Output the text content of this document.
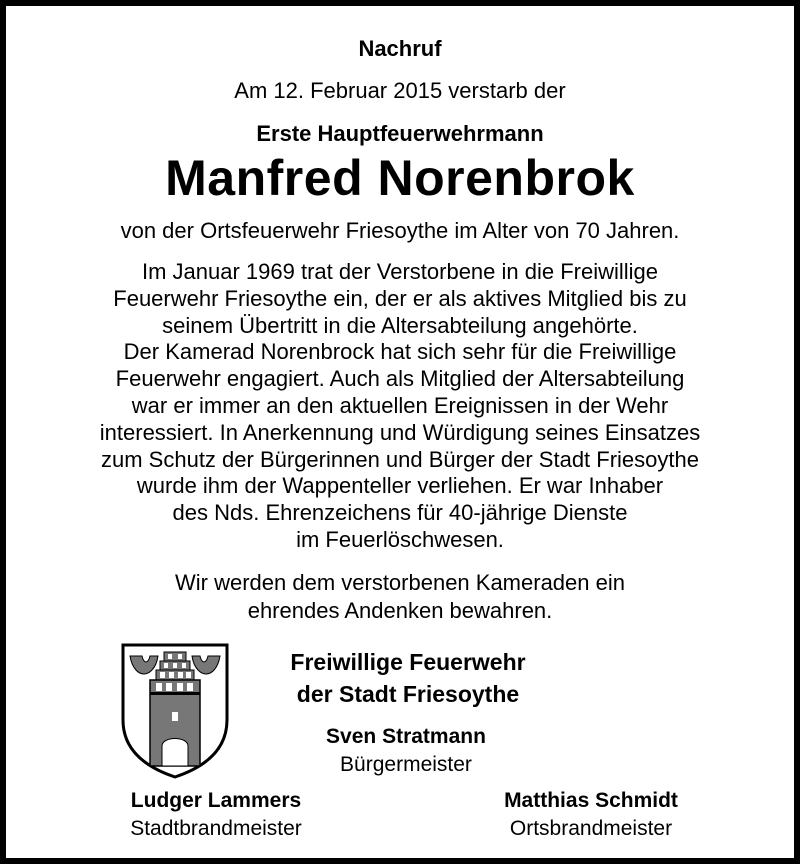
Nachruf
Am 12. Februar 2015 verstarb der
Erste Hauptfeuerwehrmann
Manfred Norenbrok
von der Ortsfeuerwehr Friesoythe im Alter von 70 Jahren.
Im Januar 1969 trat der Verstorbene in die Freiwillige
Feuerwehr Friesoythe ein, der er als aktives Mitglied bis zu
seinem Übertritt in die Altersabteilung angehörte.
Der Kamerad Norenbrock hat sich sehr für die Freiwillige
Feuerwehr engagiert. Auch als Mitglied der Altersabteilung
war er immer an den aktuellen Ereignissen in der Wehr
interessiert. In Anerkennung und Würdigung seines Einsatzes
zum Schutz der Bürgerinnen und Bürger der Stadt Friesoythe
wurde ihm der Wappenteller verliehen. Er war Inhaber
des Nds. Ehrenzeichens für 40-jährige Dienste
im Feuerlöschwesen.
Wir werden dem verstorbenen Kameraden ein
ehrendes Andenken bewahren.
Freiwillige Feuerwehr
der Stadt Friesoythe
Sven Stratmann
Bürgermeister
Ludger Lammers
Stadtbrandmeister
Matthias Schmidt
Ortsbrandmeister
